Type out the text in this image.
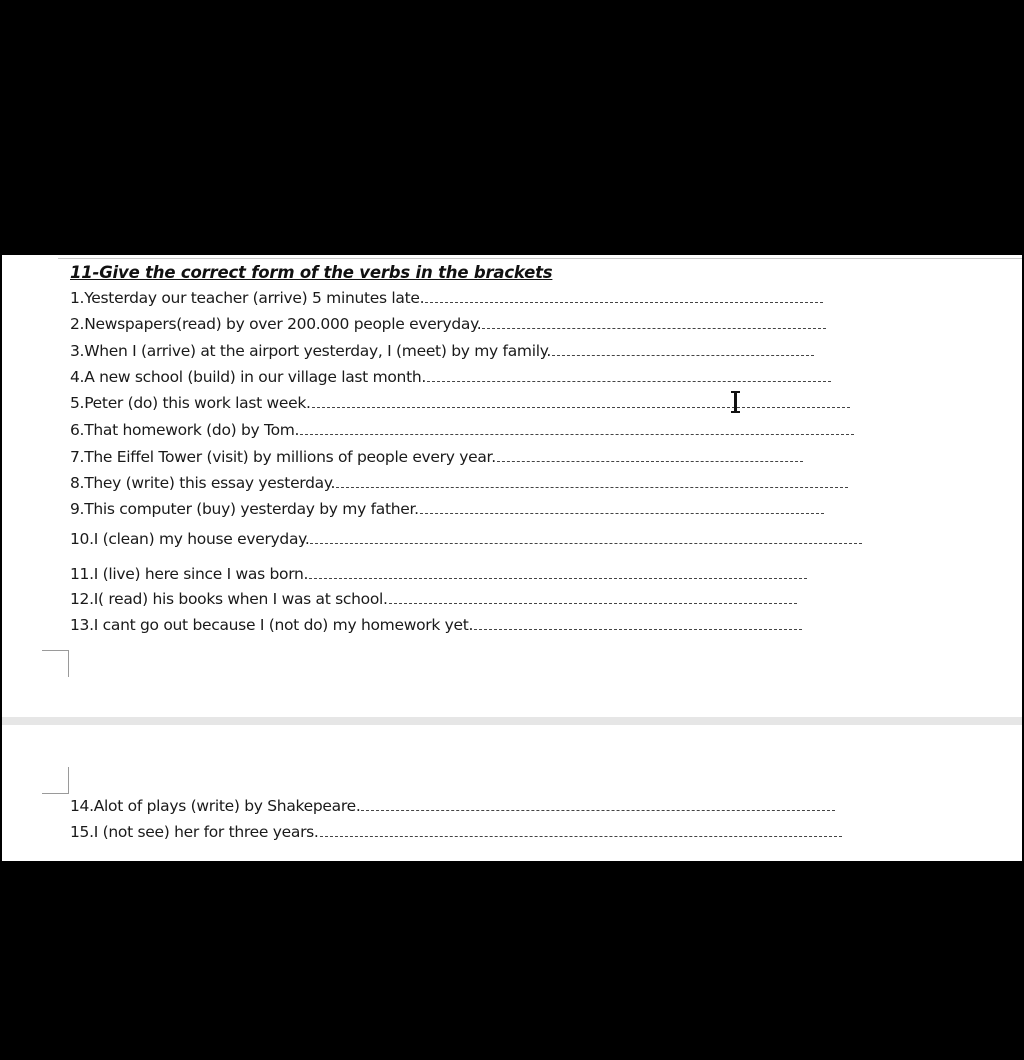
11-Give the correct form of the verbs in the brackets
1.Yesterday our teacher (arrive) 5 minutes late.
2.Newspapers(read) by over 200.000 people everyday.
3.When I (arrive) at the airport yesterday, I (meet) by my family.
4.A new school (build) in our village last month.
5.Peter (do) this work last week.
6.That homework (do) by Tom.
7.The Eiffel Tower (visit) by millions of people every year.
8.They (write) this essay yesterday.
9.This computer (buy) yesterday by my father.
10.I (clean) my house everyday.
11.I (live) here since I was born.
12.I( read) his books when I was at school.
13.I cant go out because I (not do) my homework yet.
14.Alot of plays (write) by Shakepeare.
15.I (not see) her for three years.
